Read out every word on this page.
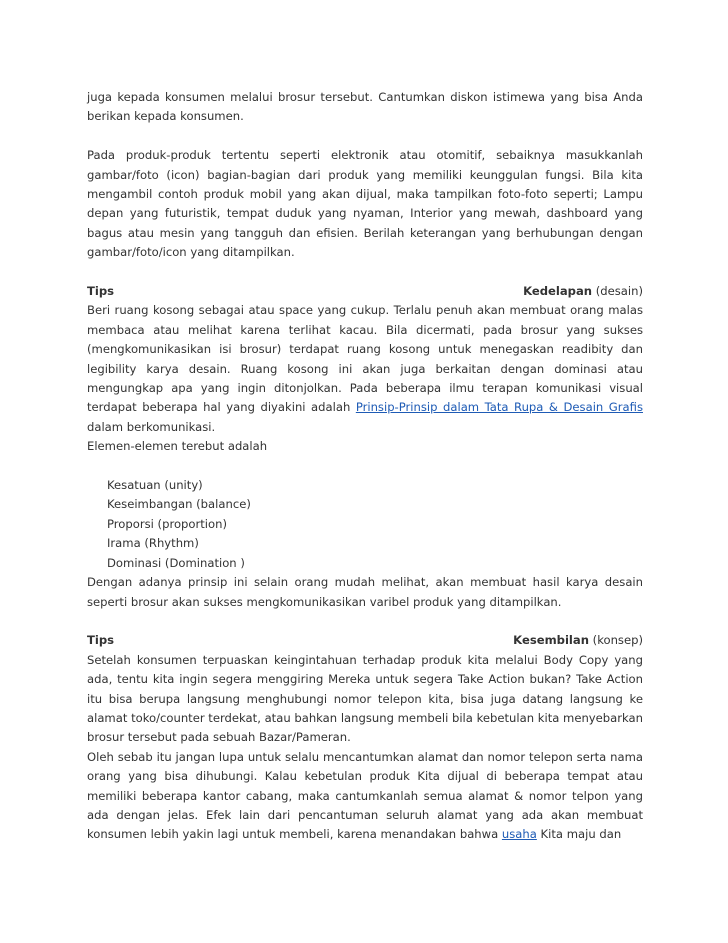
juga kepada konsumen melalui brosur tersebut. Cantumkan diskon istimewa yang bisa Anda berikan kepada konsumen.

Pada produk-produk tertentu seperti elektronik atau otomitif, sebaiknya masukkanlah gambar/foto (icon) bagian-bagian dari produk yang memiliki keunggulan fungsi. Bila kita mengambil contoh produk mobil yang akan dijual, maka tampilkan foto-foto seperti; Lampu depan yang futuristik, tempat duduk yang nyaman, Interior yang mewah, dashboard yang bagus atau mesin yang tangguh dan efisien. Berilah keterangan yang berhubungan dengan gambar/foto/icon yang ditampilkan.

Tips	Kedelapan (desain)

Beri ruang kosong sebagai atau space yang cukup. Terlalu penuh akan membuat orang malas membaca atau melihat karena terlihat kacau. Bila dicermati, pada brosur yang sukses (mengkomunikasikan isi brosur) terdapat ruang kosong untuk menegaskan readibity dan legibility karya desain. Ruang kosong ini akan juga berkaitan dengan dominasi atau mengungkap apa yang ingin ditonjolkan. Pada beberapa ilmu terapan komunikasi visual terdapat beberapa hal yang diyakini adalah Prinsip-Prinsip dalam Tata Rupa & Desain Grafis dalam berkomunikasi.

Elemen-elemen terebut adalah

Kesatuan (unity)
Keseimbangan (balance)
Proporsi (proportion)
Irama (Rhythm)
Dominasi (Domination )

Dengan adanya prinsip ini selain orang mudah melihat, akan membuat hasil karya desain seperti brosur akan sukses mengkomunikasikan varibel produk yang ditampilkan.

Tips	Kesembilan (konsep)

Setelah konsumen terpuaskan keingintahuan terhadap produk kita melalui Body Copy yang ada, tentu kita ingin segera menggiring Mereka untuk segera Take Action bukan? Take Action itu bisa berupa langsung menghubungi nomor telepon kita, bisa juga datang langsung ke alamat toko/counter terdekat, atau bahkan langsung membeli bila kebetulan kita menyebarkan brosur tersebut pada sebuah Bazar/Pameran.

Oleh sebab itu jangan lupa untuk selalu mencantumkan alamat dan nomor telepon serta nama orang yang bisa dihubungi. Kalau kebetulan produk Kita dijual di beberapa tempat atau memiliki beberapa kantor cabang, maka cantumkanlah semua alamat & nomor telpon yang ada dengan jelas. Efek lain dari pencantuman seluruh alamat yang ada akan membuat konsumen lebih yakin lagi untuk membeli, karena menandakan bahwa usaha Kita maju dan
